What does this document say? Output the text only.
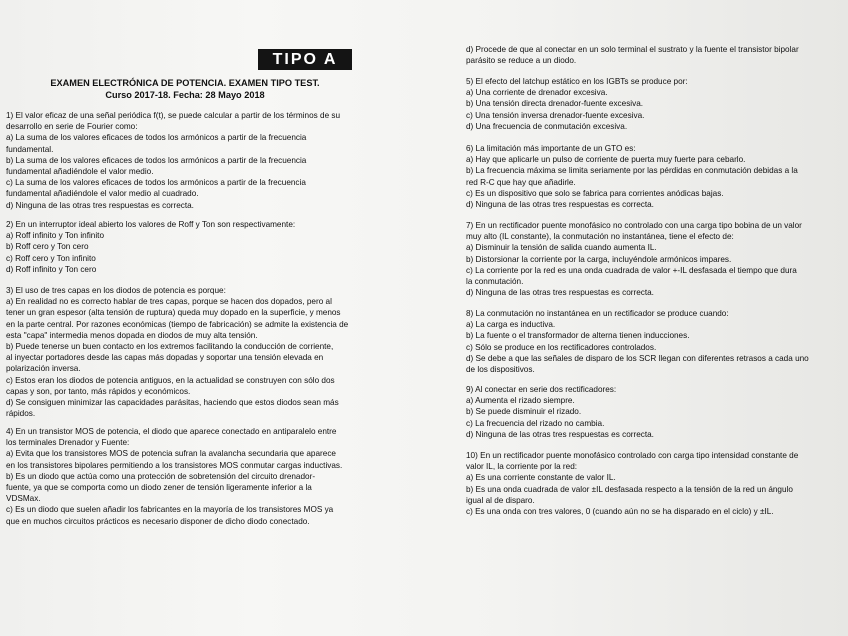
TIPO A
EXAMEN ELECTRÓNICA DE POTENCIA. EXAMEN TIPO TEST.
Curso 2017-18. Fecha: 28 Mayo 2018
1) El valor eficaz de una señal periódica f(t), se puede calcular a partir de los términos de su
desarrollo en serie de Fourier como:
a) La suma de los valores eficaces de todos los armónicos a partir de la frecuencia
fundamental.
b) La suma de los valores eficaces de todos los armónicos a partir de la frecuencia
fundamental añadiéndole el valor medio.
c) La suma de los valores eficaces de todos los armónicos a partir de la frecuencia
fundamental añadiéndole el valor medio al cuadrado.
d) Ninguna de las otras tres respuestas es correcta.
2) En un interruptor ideal abierto los valores de Roff y Ton son respectivamente:
a) Roff infinito y Ton infinito
b) Roff cero y Ton cero
c) Roff cero y Ton infinito
d) Roff infinito y Ton cero
3) El uso de tres capas en los diodos de potencia es porque:
a) En realidad no es correcto hablar de tres capas, porque se hacen dos dopados, pero al
tener un gran espesor (alta tensión de ruptura) queda muy dopado en la superficie, y menos
en la parte central. Por razones económicas (tiempo de fabricación) se admite la existencia de
esta "capa" intermedia menos dopada en diodos de muy alta tensión.
b) Puede tenerse un buen contacto en los extremos facilitando la conducción de corriente,
al inyectar portadores desde las capas más dopadas y soportar una tensión elevada en
polarización inversa.
c) Estos eran los diodos de potencia antiguos, en la actualidad se construyen con sólo dos
capas y son, por tanto, más rápidos y económicos.
d) Se consiguen minimizar las capacidades parásitas, haciendo que estos diodos sean más
rápidos.
4) En un transistor MOS de potencia, el diodo que aparece conectado en antiparalelo entre
los terminales Drenador y Fuente:
a) Evita que los transistores MOS de potencia sufran la avalancha secundaria que aparece
en los transistores bipolares permitiendo a los transistores MOS conmutar cargas inductivas.
b) Es un diodo que actúa como una protección de sobretensión del circuito drenador-
fuente, ya que se comporta como un diodo zener de tensión ligeramente inferior a la
VDSMax.
c) Es un diodo que suelen añadir los fabricantes en la mayoría de los transistores MOS ya
que en muchos circuitos prácticos es necesario disponer de dicho diodo conectado.
d) Procede de que al conectar en un solo terminal el sustrato y la fuente el transistor bipolar
parásito se reduce a un diodo.
5) El efecto del latchup estático en los IGBTs se produce por:
a) Una corriente de drenador excesiva.
b) Una tensión directa drenador-fuente excesiva.
c) Una tensión inversa drenador-fuente excesiva.
d) Una frecuencia de conmutación excesiva.
6) La limitación más importante de un GTO es:
a) Hay que aplicarle un pulso de corriente de puerta muy fuerte para cebarlo.
b) La frecuencia máxima se limita seriamente por las pérdidas en conmutación debidas a la
red R-C que hay que añadirle.
c) Es un dispositivo que solo se fabrica para corrientes anódicas bajas.
d) Ninguna de las otras tres respuestas es correcta.
7) En un rectificador puente monofásico no controlado con una carga tipo bobina de un valor
muy alto (IL constante), la conmutación no instantánea, tiene el efecto de:
a) Disminuir la tensión de salida cuando aumenta IL.
b) Distorsionar la corriente por la carga, incluyéndole armónicos impares.
c) La corriente por la red es una onda cuadrada de valor +-IL desfasada el tiempo que dura
la conmutación.
d) Ninguna de las otras tres respuestas es correcta.
8) La conmutación no instantánea en un rectificador se produce cuando:
a) La carga es inductiva.
b) La fuente o el transformador de alterna tienen inducciones.
c) Sólo se produce en los rectificadores controlados.
d) Se debe a que las señales de disparo de los SCR llegan con diferentes retrasos a cada uno
de los dispositivos.
9) Al conectar en serie dos rectificadores:
a) Aumenta el rizado siempre.
b) Se puede disminuir el rizado.
c) La frecuencia del rizado no cambia.
d) Ninguna de las otras tres respuestas es correcta.
10) En un rectificador puente monofásico controlado con carga tipo intensidad constante de
valor IL, la corriente por la red:
a) Es una corriente constante de valor IL.
b) Es una onda cuadrada de valor ±IL desfasada respecto a la tensión de la red un ángulo
igual al de disparo.
c) Es una onda con tres valores, 0 (cuando aún no se ha disparado en el ciclo) y ±IL.
